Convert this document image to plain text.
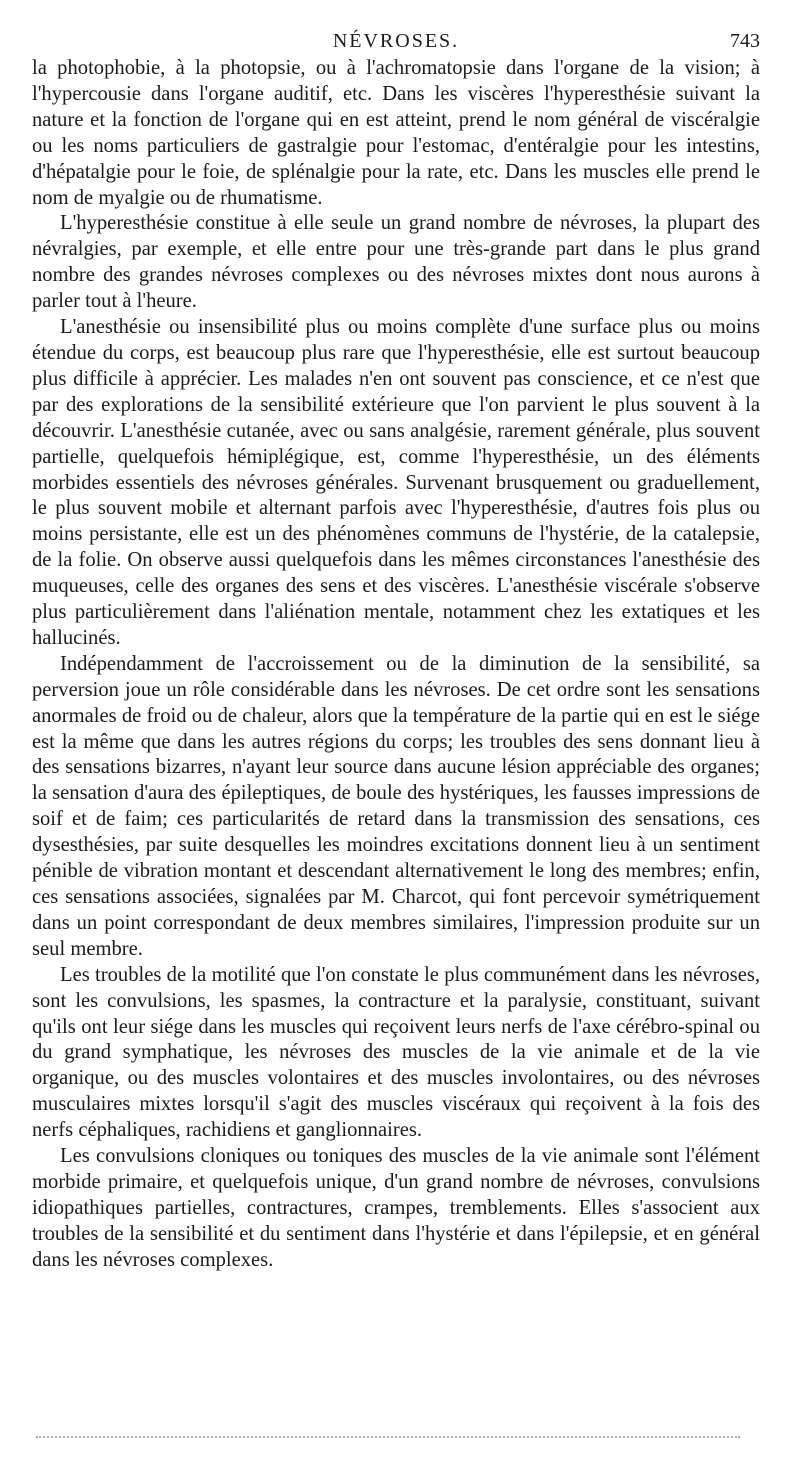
NÉVROSES.	743

la photophobie, à la photopsie, ou à l'achromatopsie dans l'organe de la vision; à l'hypercousie dans l'organe auditif, etc. Dans les viscères l'hyperesthésie suivant la nature et la fonction de l'organe qui en est atteint, prend le nom général de viscéralgie ou les noms particuliers de gastralgie pour l'estomac, d'entéralgie pour les intestins, d'hépatalgie pour le foie, de splénalgie pour la rate, etc. Dans les muscles elle prend le nom de myalgie ou de rhumatisme.

L'hyperesthésie constitue à elle seule un grand nombre de névroses, la plupart des névralgies, par exemple, et elle entre pour une très-grande part dans le plus grand nombre des grandes névroses complexes ou des névroses mixtes dont nous aurons à parler tout à l'heure.

L'anesthésie ou insensibilité plus ou moins complète d'une surface plus ou moins étendue du corps, est beaucoup plus rare que l'hyperesthésie, elle est surtout beaucoup plus difficile à apprécier. Les malades n'en ont souvent pas conscience, et ce n'est que par des explorations de la sensibilité extérieure que l'on parvient le plus souvent à la découvrir. L'anesthésie cutanée, avec ou sans analgésie, rarement générale, plus souvent partielle, quelquefois hémiplégique, est, comme l'hyperesthésie, un des éléments morbides essentiels des névroses générales. Survenant brusquement ou graduellement, le plus souvent mobile et alternant parfois avec l'hyperesthésie, d'autres fois plus ou moins persistante, elle est un des phénomènes communs de l'hystérie, de la catalepsie, de la folie. On observe aussi quelquefois dans les mêmes circonstances l'anesthésie des muqueuses, celle des organes des sens et des viscères. L'anesthésie viscérale s'observe plus particulièrement dans l'aliénation mentale, notamment chez les extatiques et les hallucinés.

Indépendamment de l'accroissement ou de la diminution de la sensibilité, sa perversion joue un rôle considérable dans les névroses. De cet ordre sont les sensations anormales de froid ou de chaleur, alors que la température de la partie qui en est le siége est la même que dans les autres régions du corps; les troubles des sens donnant lieu à des sensations bizarres, n'ayant leur source dans aucune lésion appréciable des organes; la sensation d'aura des épileptiques, de boule des hystériques, les fausses impressions de soif et de faim; ces particularités de retard dans la transmission des sensations, ces dysesthésies, par suite desquelles les moindres excitations donnent lieu à un sentiment pénible de vibration montant et descendant alternativement le long des membres; enfin, ces sensations associées, signalées par M. Charcot, qui font percevoir symétriquement dans un point correspondant de deux membres similaires, l'impression produite sur un seul membre.

Les troubles de la motilité que l'on constate le plus communément dans les névroses, sont les convulsions, les spasmes, la contracture et la paralysie, constituant, suivant qu'ils ont leur siége dans les muscles qui reçoivent leurs nerfs de l'axe cérébro-spinal ou du grand symphatique, les névroses des muscles de la vie animale et de la vie organique, ou des muscles volontaires et des muscles involontaires, ou des névroses musculaires mixtes lorsqu'il s'agit des muscles viscéraux qui reçoivent à la fois des nerfs céphaliques, rachidiens et ganglionnaires.

Les convulsions cloniques ou toniques des muscles de la vie animale sont l'élément morbide primaire, et quelquefois unique, d'un grand nombre de névroses, convulsions idiopathiques partielles, contractures, crampes, tremblements. Elles s'associent aux troubles de la sensibilité et du sentiment dans l'hystérie et dans l'épilepsie, et en général dans les névroses complexes.
